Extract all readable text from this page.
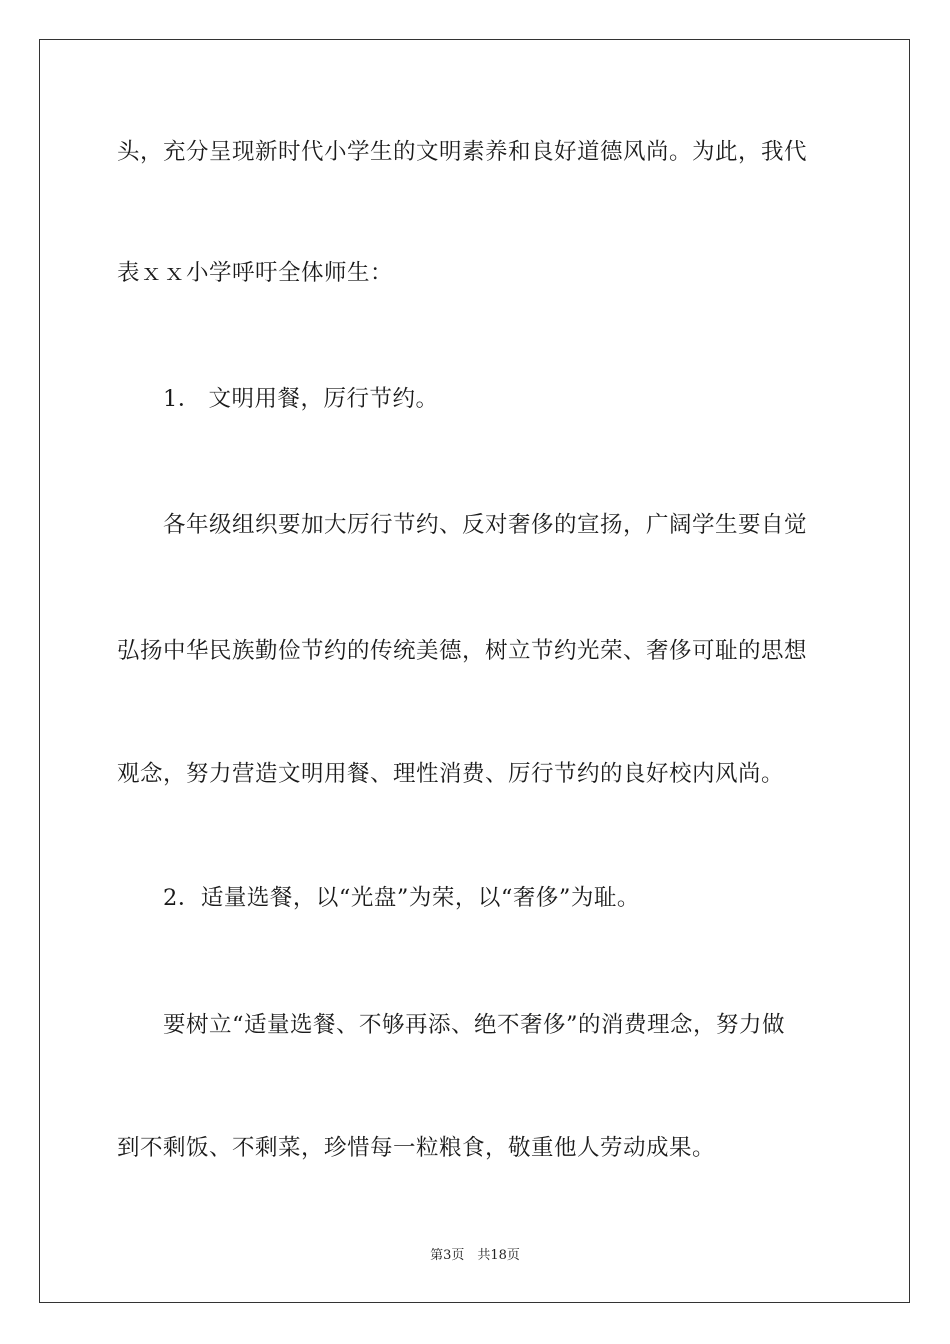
头，充分呈现新时代小学生的文明素养和良好道德风尚。为此，我代
表ｘｘ小学呼吁全体师生：
1． 文明用餐，厉行节约。
各年级组织要加大厉行节约、反对奢侈的宣扬，广阔学生要自觉
弘扬中华民族勤俭节约的传统美德，树立节约光荣、奢侈可耻的思想
观念，努力营造文明用餐、理性消费、厉行节约的良好校内风尚。
2．适量选餐，以“光盘”为荣，以“奢侈”为耻。
要树立“适量选餐、不够再添、绝不奢侈”的消费理念，努力做
到不剩饭、不剩菜，珍惜每一粒粮食，敬重他人劳动成果。
第3页　共18页
